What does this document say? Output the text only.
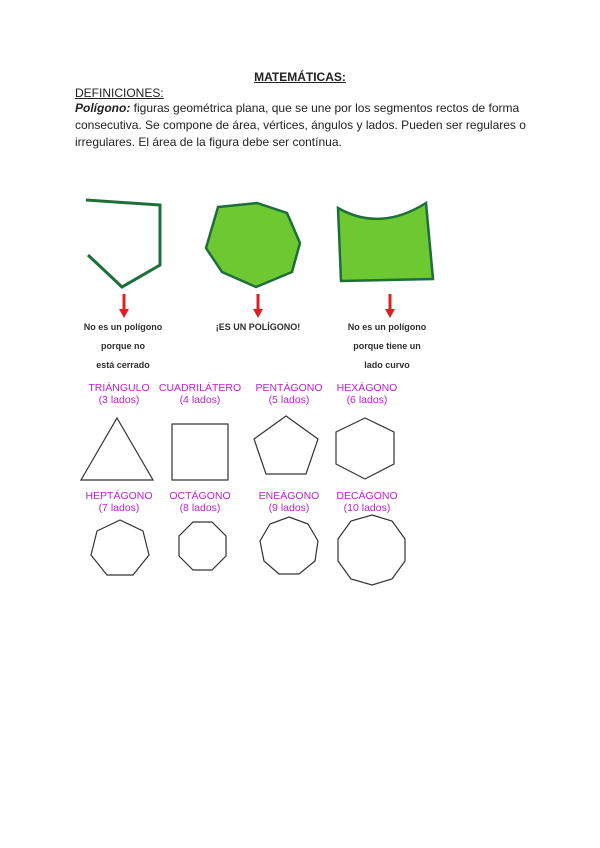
MATEMÁTICAS:
DEFINICIONES:
Polígono: figuras geométrica plana, que se une por los segmentos rectos de forma consecutiva. Se compone de área, vértices, ángulos y lados. Pueden ser regulares o irregulares. El área de la figura debe ser contínua.
No es un polígono
porque no
está cerrado
¡ES UN POLÍGONO!	No es un polígono
porque tiene un
lado curvo
TRIÁNGULO
(3 lados)
CUADRILÁTERO
(4 lados)
PENTÁGONO
(5 lados)
HEXÁGONO
(6 lados)
HEPTÁGONO
(7 lados)
OCTÁGONO
(8 lados)
ENEÁGONO
(9 lados)
DECÁGONO
(10 lados)
